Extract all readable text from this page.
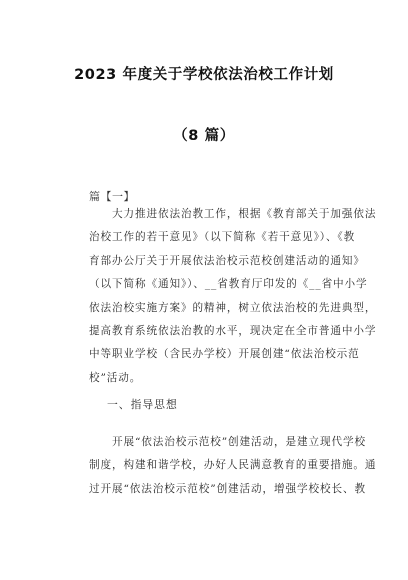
2023 年度关于学校依法治校工作计划
（8 篇）
篇【一】
　　大力推进依法治教工作，根据《教育部关于加强依法
治校工作的若干意见》（以下简称《若干意见》）、《教
育部办公厅关于开展依法治校示范校创建活动的通知》
（以下简称《通知》）、__省教育厅印发的《__省中小学
依法治校实施方案》的精神，树立依法治校的先进典型，
提高教育系统依法治教的水平，现决定在全市普通中小学
中等职业学校（含民办学校）开展创建“依法治校示范
校”活动。
一、指导思想
　　开展“依法治校示范校”创建活动，是建立现代学校
制度，构建和谐学校，办好人民满意教育的重要措施。通
过开展“依法治校示范校”创建活动，增强学校校长、教
